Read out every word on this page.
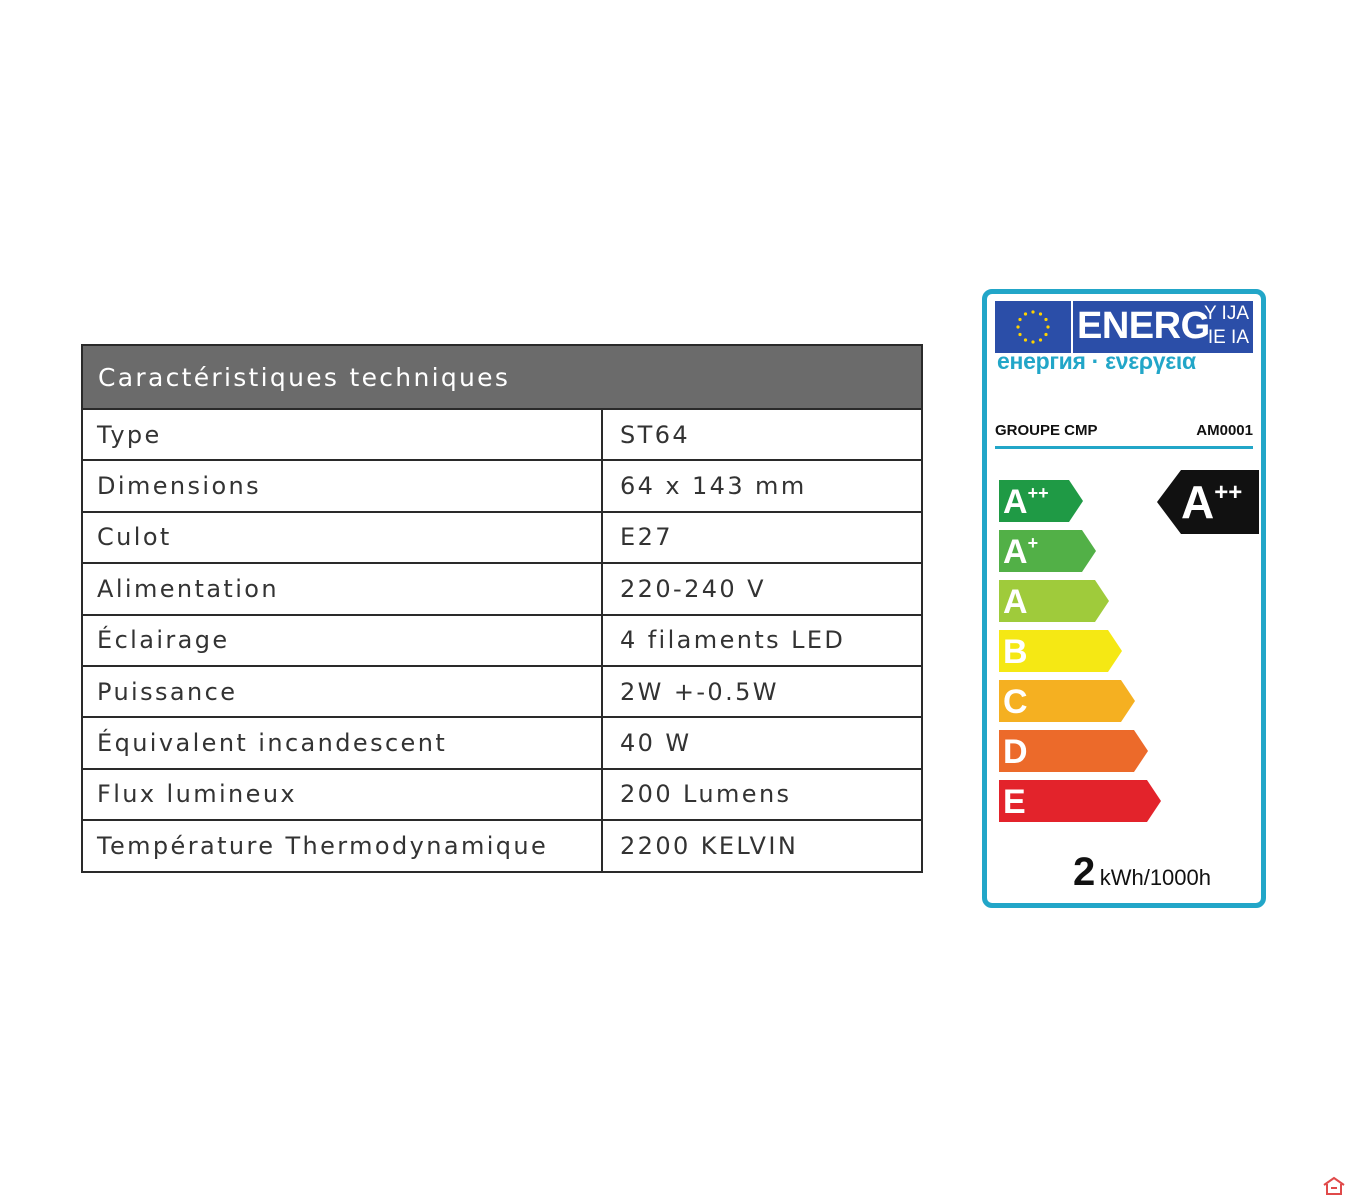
Caractéristiques techniques
Type	ST64
Dimensions	64 x 143 mm
Culot	E27
Alimentation	220-240 V
Éclairage	4 filaments LED
Puissance	2W +-0.5W
Équivalent incandescent	40 W
Flux lumineux	200 Lumens
Température Thermodynamique	2200 KELVIN
ENERG
Y IJA
IE IA
енергия · ενεργεια
GROUPE CMP	AM0001
A++
A+
A
B
C
D
E
A++
2 kWh/1000h
